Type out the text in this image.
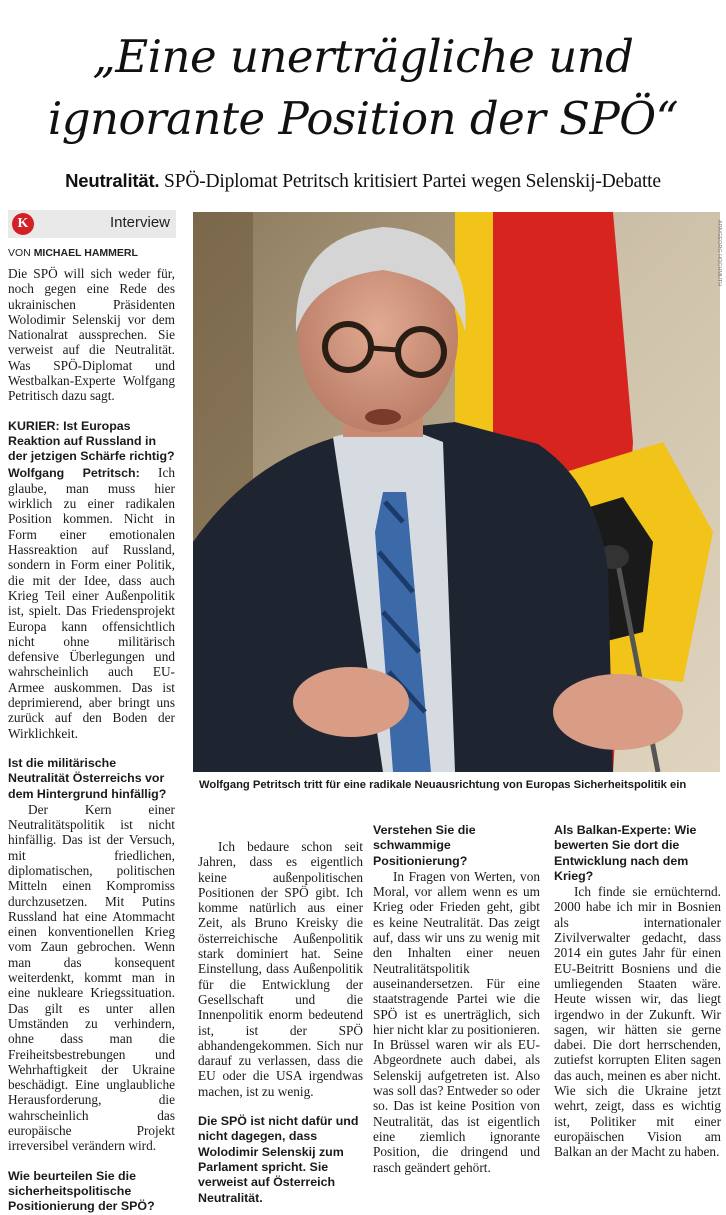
„Eine unerträgliche und
ignorante Position der SPÖ“
Neutralität. SPÖ-Diplomat Petritsch kritisiert Partei wegen Selenskij-Debatte
K	Interview
VON MICHAEL HAMMERL

Die SPÖ will sich weder für, noch gegen eine Rede des ukrainischen Präsidenten Wolodimir Selenskij vor dem Nationalrat aussprechen. Sie verweist auf die Neutralität. Was SPÖ-Diplomat und Westbalkan-Experte Wolfgang Petritisch dazu sagt.

KURIER: Ist Europas Reaktion auf Russland in der jetzigen Schärfe richtig?

Wolfgang Petritsch: Ich glaube, man muss hier wirklich zu einer radikalen Position kommen. Nicht in Form einer emotionalen Hassreaktion auf Russland, sondern in Form einer Politik, die mit der Idee, dass auch Krieg Teil einer Außenpolitik ist, spielt. Das Friedensprojekt Europa kann offensichtlich nicht ohne militärisch defensive Überlegungen und wahrscheinlich auch EU-Armee auskommen. Das ist deprimierend, aber bringt uns zurück auf den Boden der Wirklichkeit.

Ist die militärische Neutralität Österreichs vor dem Hintergrund hinfällig?

Der Kern einer Neutralitätspolitik ist nicht hinfällig. Das ist der Versuch, mit friedlichen, diplomatischen, politischen Mitteln einen Kompromiss durchzusetzen. Mit Putins Russland hat eine Atommacht einen konventionellen Krieg vom Zaun gebrochen. Wenn man das konsequent weiterdenkt, kommt man in eine nukleare Kriegssituation. Das gilt es unter allen Umständen zu verhindern, ohne dass man die Freiheitsbestrebungen und Wehrhaftigkeit der Ukraine beschädigt. Eine unglaubliche Herausforderung, die wahrscheinlich das europäische Projekt irreversibel verändern wird.

Wie beurteilen Sie die sicherheitspolitische Positionierung der SPÖ?

APA/GEORG HOCHMUTH
Wolfgang Petritsch tritt für eine radikale Neuausrichtung von Europas Sicherheitspolitik ein

Ich bedaure schon seit Jahren, dass es eigentlich keine außenpolitischen Positionen der SPÖ gibt. Ich komme natürlich aus einer Zeit, als Bruno Kreisky die österreichische Außenpolitik stark dominiert hat. Seine Einstellung, dass Außenpolitik für die Entwicklung der Gesellschaft und die Innenpolitik enorm bedeutend ist, ist der SPÖ abhandengekommen. Sich nur darauf zu verlassen, dass die EU oder die USA irgendwas machen, ist zu wenig.

Die SPÖ ist nicht dafür und nicht dagegen, dass Wolodimir Selenskij zum Parlament spricht. Sie verweist auf Österreich Neutralität.

Verstehen Sie die schwammige Positionierung?

In Fragen von Werten, von Moral, vor allem wenn es um Krieg oder Frieden geht, gibt es keine Neutralität. Das zeigt auf, dass wir uns zu wenig mit den Inhalten einer neuen Neutralitätspolitik auseinandersetzen. Für eine staatstragende Partei wie die SPÖ ist es unerträglich, sich hier nicht klar zu positionieren. In Brüssel waren wir als EU-Abgeordnete auch dabei, als Selenskij aufgetreten ist. Also was soll das? Entweder so oder so. Das ist keine Position von Neutralität, das ist eigentlich eine ziemlich ignorante Position, die dringend und rasch geändert gehört.

Als Balkan-Experte: Wie bewerten Sie dort die Entwicklung nach dem Krieg?

Ich finde sie ernüchternd. 2000 habe ich mir in Bosnien als internationaler Zivilverwalter gedacht, dass 2014 ein gutes Jahr für einen EU-Beitritt Bosniens und die umliegenden Staaten wäre. Heute wissen wir, das liegt irgendwo in der Zukunft. Wir sagen, wir hätten sie gerne dabei. Die dort herrschenden, zutiefst korrupten Eliten sagen das auch, meinen es aber nicht. Wie sich die Ukraine jetzt wehrt, zeigt, dass es wichtig ist, Politiker mit einer europäischen Vision am Balkan an der Macht zu haben.
